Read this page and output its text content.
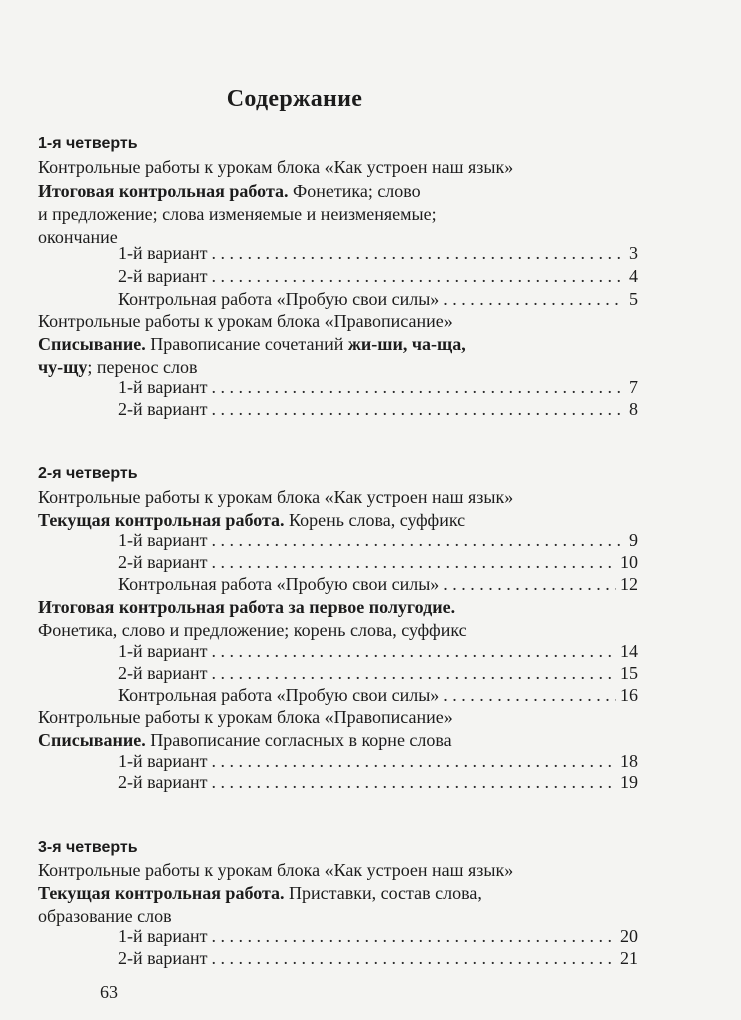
Содержание
1-я четверть
Контрольные работы к урокам блока «Как устроен наш язык»
Итоговая контрольная работа. Фонетика; слово
и предложение; слова изменяемые и неизменяемые;
окончание
1-й вариант . . .	3
2-й вариант . . .	4
Контрольная работа «Пробую свои силы» . . .	5
Контрольные работы к урокам блока «Правописание»
Списывание. Правописание сочетаний жи-ши, ча-ща,
чу-щу; перенос слов
1-й вариант . . .	7
2-й вариант . . .	8
2-я четверть
Контрольные работы к урокам блока «Как устроен наш язык»
Текущая контрольная работа. Корень слова, суффикс
1-й вариант . . .	9
2-й вариант . . .	10
Контрольная работа «Пробую свои силы» . . .	12
Итоговая контрольная работа за первое полугодие.
Фонетика, слово и предложение; корень слова, суффикс
1-й вариант . . .	14
2-й вариант . . .	15
Контрольная работа «Пробую свои силы» . . .	16
Контрольные работы к урокам блока «Правописание»
Списывание. Правописание согласных в корне слова
1-й вариант . . .	18
2-й вариант . . .	19
3-я четверть
Контрольные работы к урокам блока «Как устроен наш язык»
Текущая контрольная работа. Приставки, состав слова,
образование слов
1-й вариант . . .	20
2-й вариант . . .	21
63
